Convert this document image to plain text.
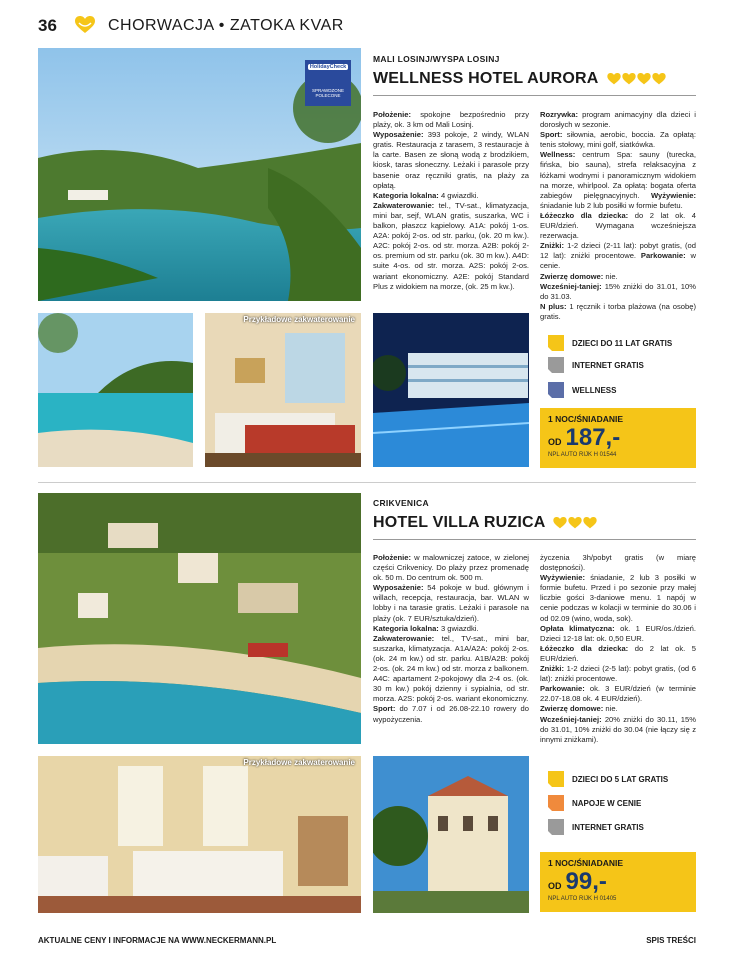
36	CHORWACJA • ZATOKA KVAR
HolidayCheck
SPRAWDZONE
POLECONE
Przykładowe zakwaterowanie
MALI LOSINJ/WYSPA LOSINJ
WELLNESS HOTEL AURORA

Położenie: spokojne bezpośrednio przy plaży, ok. 3 km od Mali Losinj.

Wyposażenie: 393 pokoje, 2 windy, WLAN gratis. Restauracja z tarasem, 3 restauracje à la carte. Basen ze słoną wodą z brodzikiem, kiosk, taras słoneczny. Leżaki i parasole przy basenie oraz ręczniki gratis, na plaży za opłatą.

Kategoria lokalna: 4 gwiazdki.

Zakwaterowanie: tel., TV-sat., klimatyzacja, mini bar, sejf, WLAN gratis, suszarka, WC i balkon, płaszcz kąpielowy. A1A: pokój 1-os. A2A: pokój 2-os. od str. parku, (ok. 20 m kw.). A2C: pokój 2-os. od str. morza. A2B: pokój 2-os. premium od str. parku (ok. 30 m kw.). A4D: suite 4-os. od str. morza. A2S: pokój 2-os. wariant ekonomiczny. A2E: pokój Standard Plus z widokiem na morze, (ok. 25 m kw.).

Rozrywka: program animacyjny dla dzieci i dorosłych w sezonie.

Sport: siłownia, aerobic, boccia. Za opłatą: tenis stołowy, mini golf, siatkówka.

Wellness: centrum Spa: sauny (turecka, fińska, bio sauna), strefa relaksacyjna z łóżkami wodnymi i panoramicznym widokiem na morze, whirlpool. Za opłatą: bogata oferta zabiegów pielęgnacyjnych. Wyżywienie: śniadanie lub 2 lub posiłki w formie bufetu.

Łóżeczko dla dziecka: do 2 lat ok. 4 EUR/dzień. Wymagana wcześniejsza rezerwacja.

Zniżki: 1-2 dzieci (2-11 lat): pobyt gratis, (od 12 lat): zniżki procentowe. Parkowanie: w cenie.

Zwierzę domowe: nie.

Wcześniej-taniej: 15% zniżki do 31.01, 10% do 31.03.

N plus: 1 ręcznik i torba plażowa (na osobę) gratis.

DZIECI DO 11 LAT GRATIS
INTERNET GRATIS
WELLNESS
1 NOC/ŚNIADANIE
OD 187,-
NPL AUTO RIJK H 01544
Przykładowe zakwaterowanie
CRIKVENICA
HOTEL VILLA RUZICA

Położenie: w malowniczej zatoce, w zielonej części Crikvenicy. Do plaży przez promenadę ok. 50 m. Do centrum ok. 500 m.

Wyposażenie: 54 pokoje w bud. głównym i willach, recepcja, restauracja, bar. WLAN w lobby i na tarasie gratis. Leżaki i parasole na plaży (ok. 7 EUR/sztuka/dzień).

Kategoria lokalna: 3 gwiazdki.

Zakwaterowanie: tel., TV-sat., mini bar, suszarka, klimatyzacja. A1A/A2A: pokój 2-os. (ok. 24 m kw.) od str. parku. A1B/A2B: pokój 2-os. (ok. 24 m kw.) od str. morza z balkonem. A4C: apartament 2-pokojowy dla 2-4 os. (ok. 30 m kw.) pokój dzienny i sypialnia, od str. morza. A2S: pokój 2-os. wariant ekonomiczny.

Sport: do 7.07 i od 26.08-22.10 rowery do wypożyczenia.

życzenia 3h/pobyt gratis (w miarę dostępności).

Wyżywienie: śniadanie, 2 lub 3 posiłki w formie bufetu. Przed i po sezonie przy małej liczbie gości 3-daniowe menu. 1 napój w cenie podczas w kolacji w terminie do 30.06 i od 02.09 (wino, woda, sok).

Opłata klimatyczna: ok. 1 EUR/os./dzień. Dzieci 12-18 lat: ok. 0,50 EUR.

Łóżeczko dla dziecka: do 2 lat ok. 5 EUR/dzień.

Zniżki: 1-2 dzieci (2-5 lat): pobyt gratis, (od 6 lat): zniżki procentowe.

Parkowanie: ok. 3 EUR/dzień (w terminie 22.07-18.08 ok. 4 EUR/dzień).

Zwierzę domowe: nie.

Wcześniej-taniej: 20% zniżki do 30.11, 15% do 31.01, 10% zniżki do 30.04 (nie łączy się z innymi zniżkami).

DZIECI DO 5 LAT GRATIS
NAPOJE W CENIE
INTERNET GRATIS
1 NOC/ŚNIADANIE
OD 99,-
NPL AUTO RIJK H 01405
AKTUALNE CENY I INFORMACJE NA WWW.NECKERMANN.PL	SPIS TREŚCI
